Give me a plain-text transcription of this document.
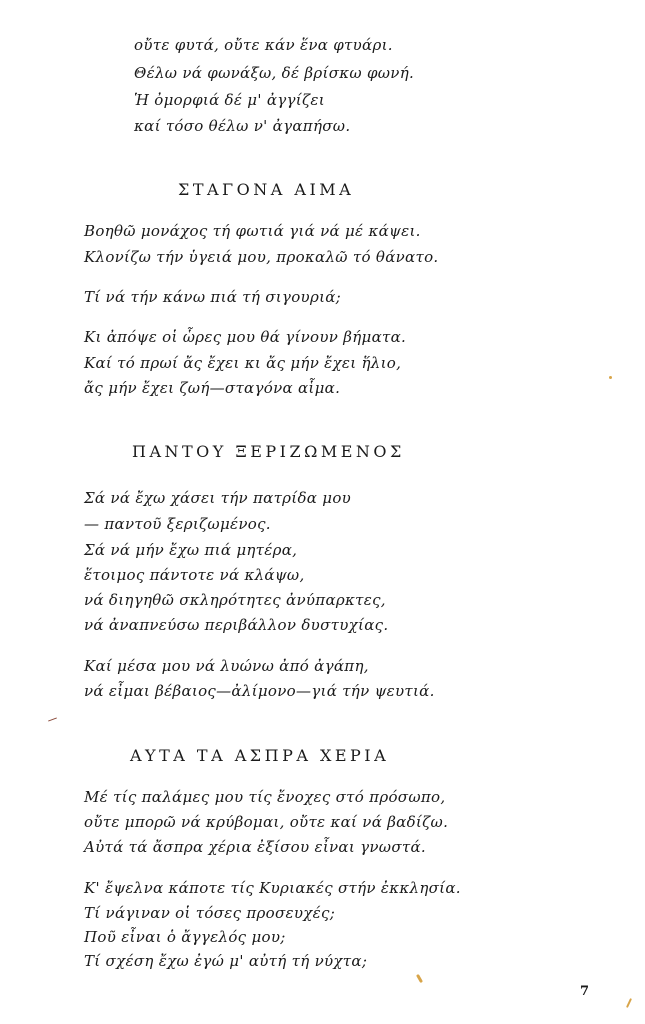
οὔτε φυτά, οὔτε κάν ἕνα φτυάρι.
Θέλω νά φωνάξω, δέ βρίσκω φωνή.
Ἡ ὀμορφιά δέ μ' ἀγγίζει
καί τόσο θέλω ν' ἀγαπήσω.
ΣΤΑΓΟΝΑ ΑΙΜΑ
Βοηθῶ μονάχος τή φωτιά γιά νά μέ κάψει.
Κλονίζω τήν ὑγειά μου, προκαλῶ τό θάνατο.
Τί νά τήν κάνω πιά τή σιγουριά;
Κι ἀπόψε οἱ ὧρες μου θά γίνουν βήματα.
Καί τό πρωί ἄς ἔχει κι ἄς μήν ἔχει ἥλιο,
ἄς μήν ἔχει ζωή—σταγόνα αἷμα.
ΠΑΝΤΟΥ ΞΕΡΙΖΩΜΕΝΟΣ
Σά νά ἔχω χάσει τήν πατρίδα μου
— παντοῦ ξεριζωμένος.
Σά νά μήν ἔχω πιά μητέρα,
ἕτοιμος πάντοτε νά κλάψω,
νά διηγηθῶ σκληρότητες ἀνύπαρκτες,
νά ἀναπνεύσω περιβάλλον δυστυχίας.
Καί μέσα μου νά λυώνω ἀπό ἀγάπη,
νά εἶμαι βέβαιος—ἀλίμονο—γιά τήν ψευτιά.
ΑΥΤΑ ΤΑ ΑΣΠΡΑ ΧΕΡΙΑ
Μέ τίς παλάμες μου τίς ἔνοχες στό πρόσωπο,
οὔτε μπορῶ νά κρύβομαι, οὔτε καί νά βαδίζω.
Αὐτά τά ἄσπρα χέρια ἐξίσου εἶναι γνωστά.
Κ' ἔψελνα κάποτε τίς Κυριακές στήν ἐκκλησία.
Τί νάγιναν οἱ τόσες προσευχές;
Ποῦ εἶναι ὁ ἄγγελός μου;
Τί σχέση ἔχω ἐγώ μ' αὐτή τή νύχτα;
7
